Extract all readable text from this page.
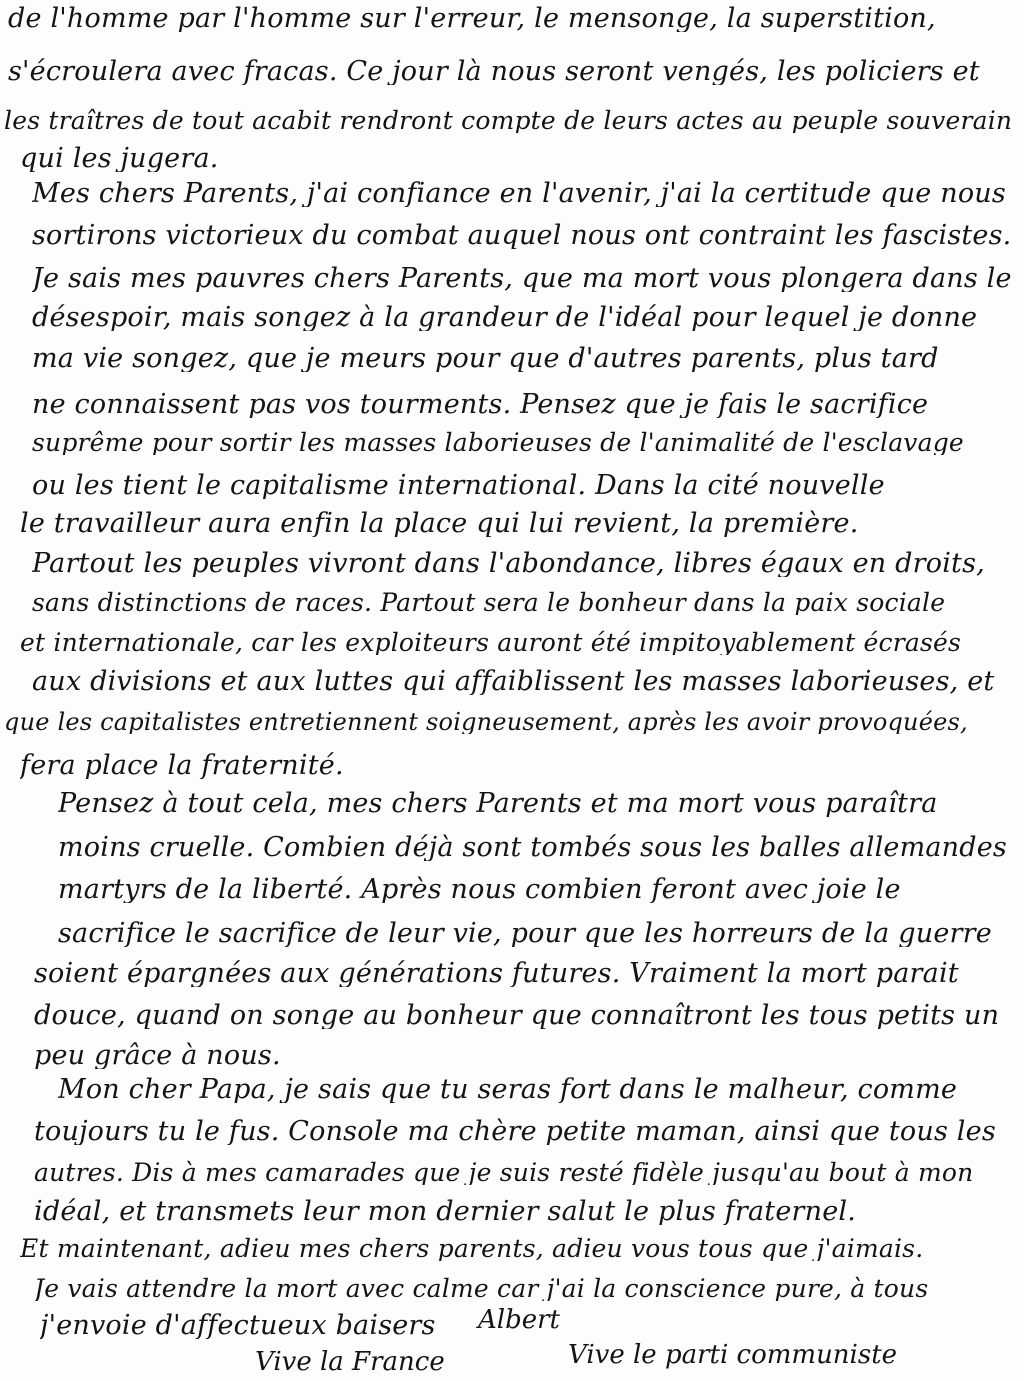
de l'homme par l'homme sur l'erreur, le mensonge, la superstition,
s'écroulera avec fracas. Ce jour là nous seront vengés, les policiers et
les traîtres de tout acabit rendront compte de leurs actes au peuple souverain
qui les jugera.
Mes chers Parents, j'ai confiance en l'avenir, j'ai la certitude que nous
sortirons victorieux du combat auquel nous ont contraint les fascistes.
Je sais mes pauvres chers Parents, que ma mort vous plongera dans le
désespoir, mais songez à la grandeur de l'idéal pour lequel je donne
ma vie songez, que je meurs pour que d'autres parents, plus tard
ne connaissent pas vos tourments. Pensez que je fais le sacrifice
suprême pour sortir les masses laborieuses de l'animalité de l'esclavage
ou les tient le capitalisme international. Dans la cité nouvelle
le travailleur aura enfin la place qui lui revient, la première.
Partout les peuples vivront dans l'abondance, libres égaux en droits,
sans distinctions de races. Partout sera le bonheur dans la paix sociale
et internationale, car les exploiteurs auront été impitoyablement écrasés
aux divisions et aux luttes qui affaiblissent les masses laborieuses, et
que les capitalistes entretiennent soigneusement, après les avoir provoquées,
fera place la fraternité.
Pensez à tout cela, mes chers Parents et ma mort vous paraîtra
moins cruelle. Combien déjà sont tombés sous les balles allemandes
martyrs de la liberté. Après nous combien feront avec joie le
sacrifice le sacrifice de leur vie, pour que les horreurs de la guerre
soient épargnées aux générations futures. Vraiment la mort parait
douce, quand on songe au bonheur que connaîtront les tous petits un
peu grâce à nous.
Mon cher Papa, je sais que tu seras fort dans le malheur, comme
toujours tu le fus. Console ma chère petite maman, ainsi que tous les
autres. Dis à mes camarades que je suis resté fidèle jusqu'au bout à mon
idéal, et transmets leur mon dernier salut le plus fraternel.
Et maintenant, adieu mes chers parents, adieu vous tous que j'aimais.
Je vais attendre la mort avec calme car j'ai la conscience pure, à tous
j'envoie d'affectueux baisers	Albert
Vive la France	Vive le parti communiste
